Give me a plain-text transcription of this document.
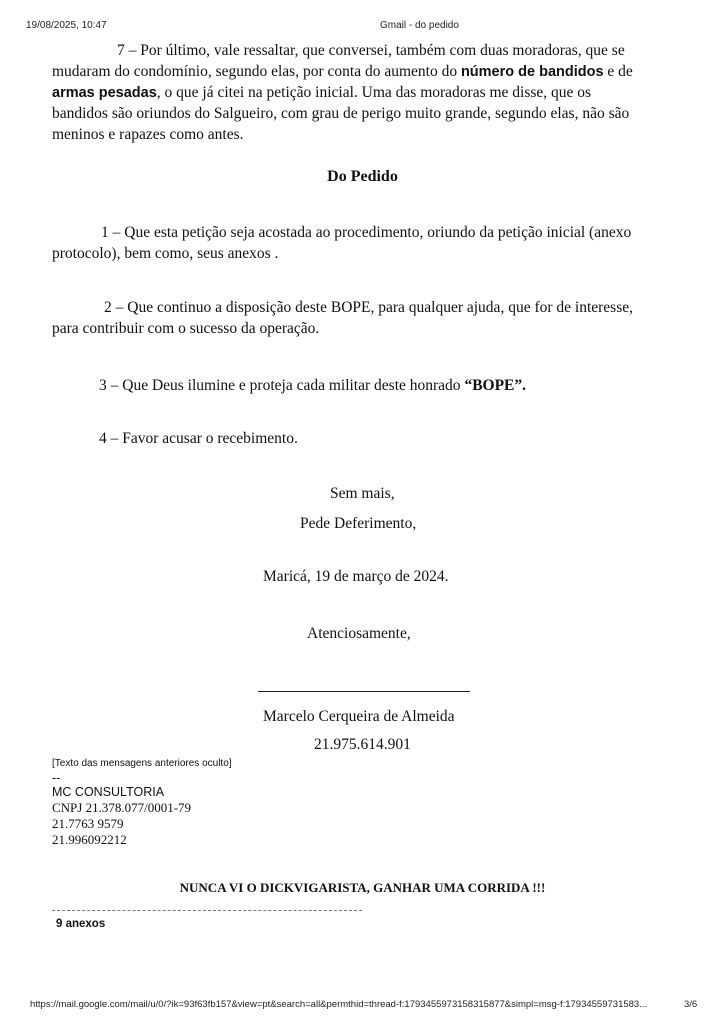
19/08/2025, 10:47	Gmail - do pedido
7 – Por último, vale ressaltar, que conversei, também com duas moradoras, que se
mudaram do condomínio, segundo elas, por conta do aumento do número de bandidos e de
armas pesadas, o que já citei na petição inicial. Uma das moradoras me disse, que os
bandidos são oriundos do Salgueiro, com grau de perigo muito grande, segundo elas, não são
meninos e rapazes como antes.
Do Pedido
1 – Que esta petição seja acostada ao procedimento, oriundo da petição inicial (anexo
protocolo), bem como, seus anexos .
2 – Que continuo a disposição deste BOPE, para qualquer ajuda, que for de interesse,
para contribuir com o sucesso da operação.
3 – Que Deus ilumine e proteja cada militar deste honrado “BOPE”.
4 – Favor acusar o recebimento.
Sem mais,
Pede Deferimento,
Maricá, 19 de março de 2024.
Atenciosamente,
Marcelo Cerqueira de Almeida
21.975.614.901
[Texto das mensagens anteriores oculto]
--
MC CONSULTORIA
CNPJ 21.378.077/0001-79
21.7763 9579
21.996092212
NUNCA VI O DICKVIGARISTA, GANHAR UMA CORRIDA !!!
9 anexos
https://mail.google.com/mail/u/0/?ik=93f63fb157&view=pt&search=all&permthid=thread-f:1793455973158315877&simpl=msg-f:17934559731583...	3/6
